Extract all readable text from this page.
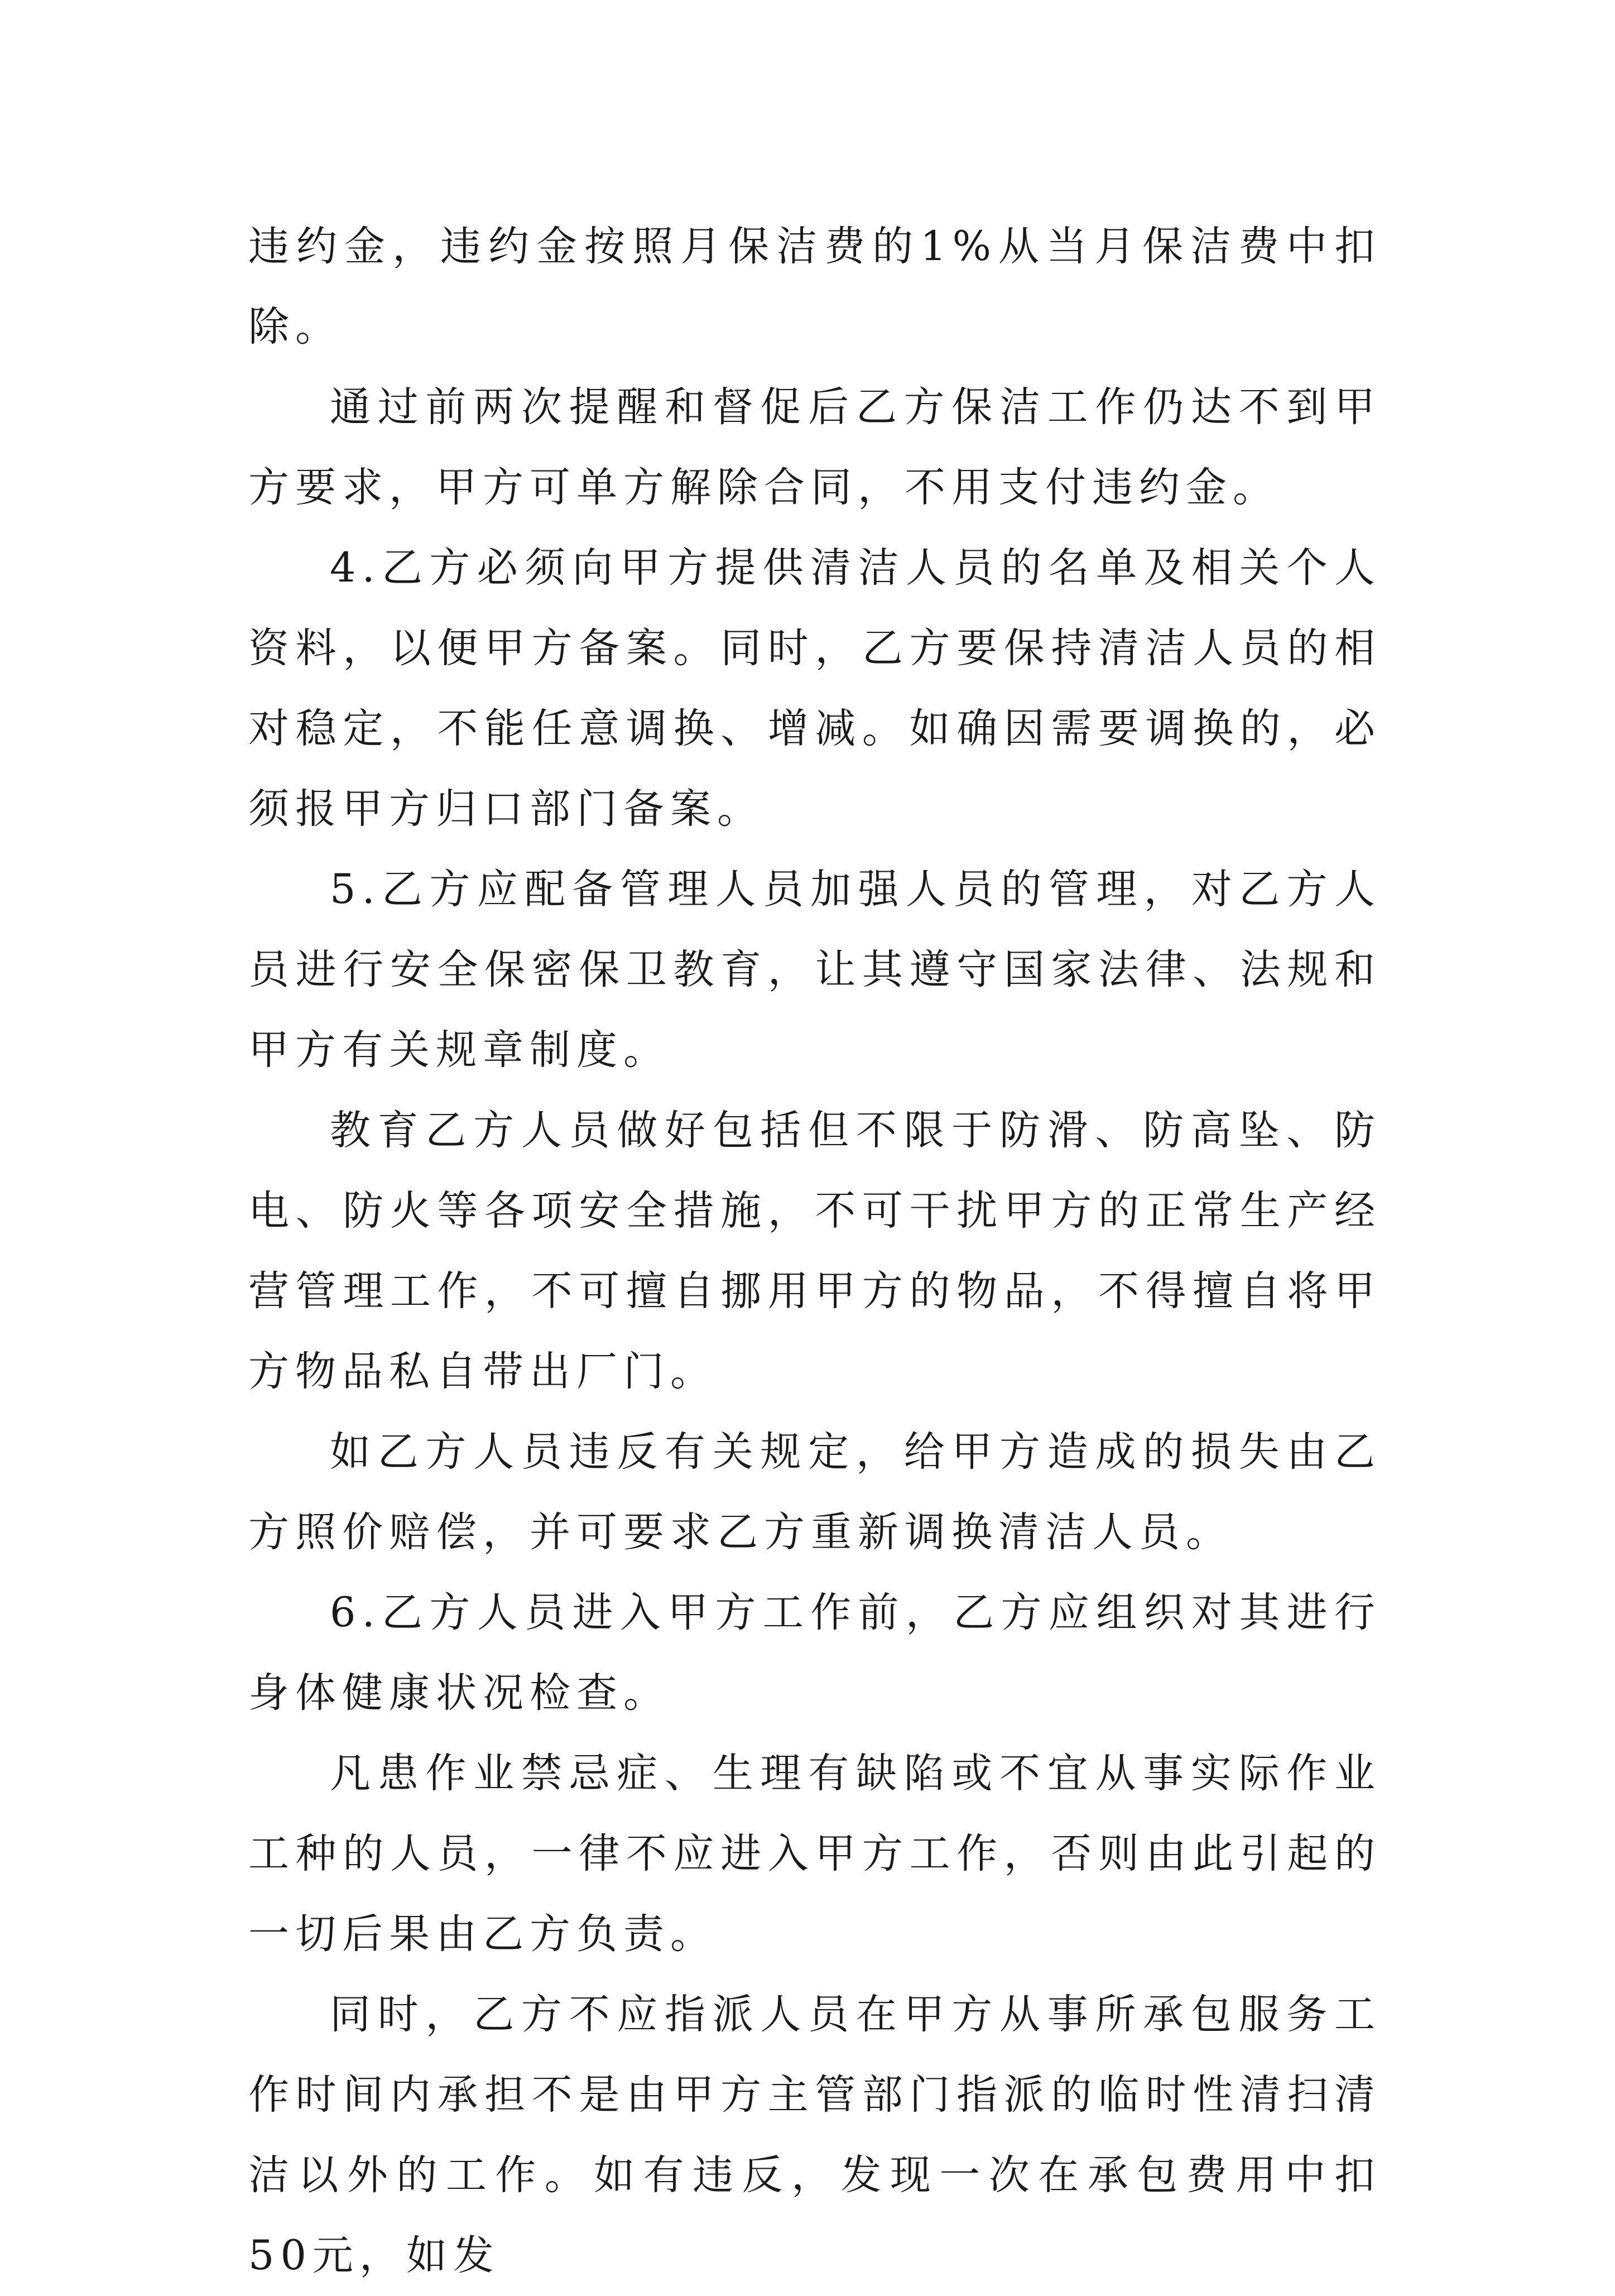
违约金，违约金按照月保洁费的1%从当月保洁费中扣除。

通过前两次提醒和督促后乙方保洁工作仍达不到甲方要求，甲方可单方解除合同，不用支付违约金。

4.乙方必须向甲方提供清洁人员的名单及相关个人资料，以便甲方备案。同时，乙方要保持清洁人员的相对稳定，不能任意调换、增减。如确因需要调换的，必须报甲方归口部门备案。

5.乙方应配备管理人员加强人员的管理，对乙方人员进行安全保密保卫教育，让其遵守国家法律、法规和甲方有关规章制度。

教育乙方人员做好包括但不限于防滑、防高坠、防电、防火等各项安全措施，不可干扰甲方的正常生产经营管理工作，不可擅自挪用甲方的物品，不得擅自将甲方物品私自带出厂门。

如乙方人员违反有关规定，给甲方造成的损失由乙方照价赔偿，并可要求乙方重新调换清洁人员。

6.乙方人员进入甲方工作前，乙方应组织对其进行身体健康状况检查。

凡患作业禁忌症、生理有缺陷或不宜从事实际作业工种的人员，一律不应进入甲方工作，否则由此引起的一切后果由乙方负责。

同时，乙方不应指派人员在甲方从事所承包服务工作时间内承担不是由甲方主管部门指派的临时性清扫清洁以外的工作。如有违反，发现一次在承包费用中扣50元，如发
